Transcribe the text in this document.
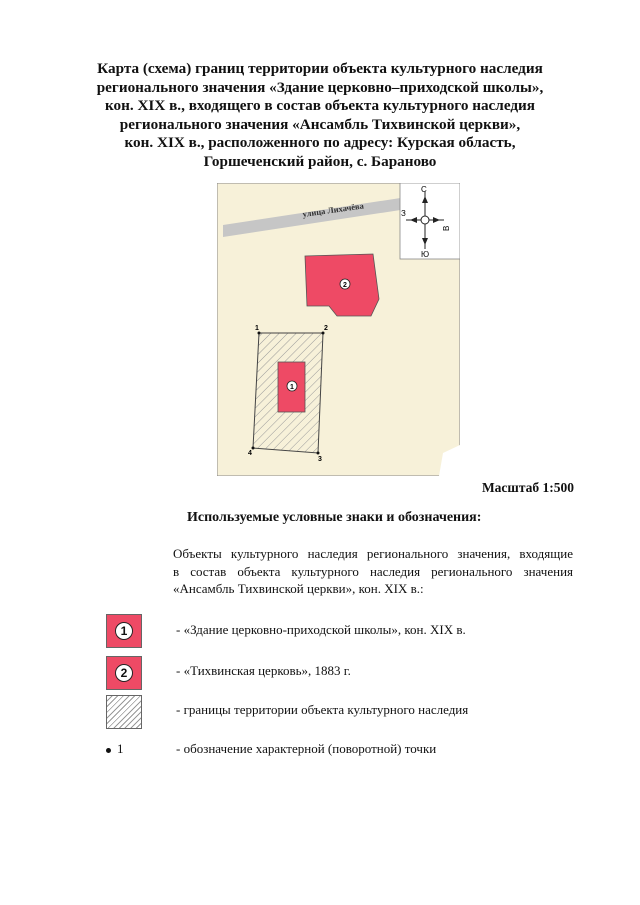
Карта (схема) границ территории объекта культурного наследия
регионального значения «Здание церковно–приходской школы»,
кон. XIX в., входящего в состав объекта культурного наследия
регионального значения «Ансамбль Тихвинской церкви»,
кон. XIX в., расположенного по адресу: Курская область,
Горшеченский район, с. Бараново
улица Лихачёва
1
2
1	2
3
4
С
Ю
З
В
Масштаб 1:500
Используемые условные знаки и обозначения:
Объекты культурного наследия регионального значения, входящие
в состав объекта культурного наследия регионального значения
«Ансамбль Тихвинской церкви», кон. XIX в.:
1	- «Здание церковно-приходской школы», кон. XIX в.
2	- «Тихвинская церковь», 1883 г.
- границы территории объекта культурного наследия
1	- обозначение характерной (поворотной) точки
